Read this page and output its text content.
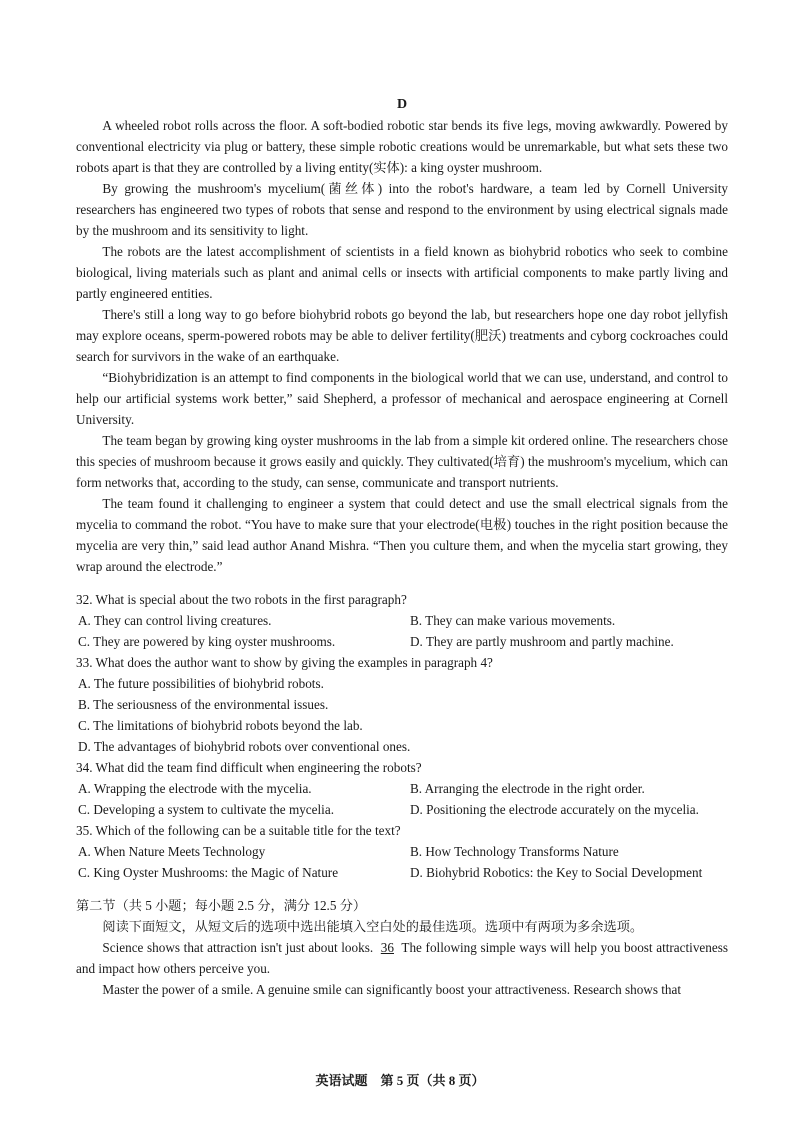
D

A wheeled robot rolls across the floor. A soft-bodied robotic star bends its five legs, moving awkwardly. Powered by conventional electricity via plug or battery, these simple robotic creations would be unremarkable, but what sets these two robots apart is that they are controlled by a living entity(实体): a king oyster mushroom.

By growing the mushroom's mycelium(菌丝体) into the robot's hardware, a team led by Cornell University researchers has engineered two types of robots that sense and respond to the environment by using electrical signals made by the mushroom and its sensitivity to light.

The robots are the latest accomplishment of scientists in a field known as biohybrid robotics who seek to combine biological, living materials such as plant and animal cells or insects with artificial components to make partly living and partly engineered entities.

There's still a long way to go before biohybrid robots go beyond the lab, but researchers hope one day robot jellyfish may explore oceans, sperm-powered robots may be able to deliver fertility(肥沃) treatments and cyborg cockroaches could search for survivors in the wake of an earthquake.

“Biohybridization is an attempt to find components in the biological world that we can use, understand, and control to help our artificial systems work better,” said Shepherd, a professor of mechanical and aerospace engineering at Cornell University.

The team began by growing king oyster mushrooms in the lab from a simple kit ordered online. The researchers chose this species of mushroom because it grows easily and quickly. They cultivated(培育) the mushroom's mycelium, which can form networks that, according to the study, can sense, communicate and transport nutrients.

The team found it challenging to engineer a system that could detect and use the small electrical signals from the mycelia to command the robot. “You have to make sure that your electrode(电极) touches in the right position because the mycelia are very thin,” said lead author Anand Mishra. “Then you culture them, and when the mycelia start growing, they wrap around the electrode.”

32. What is special about the two robots in the first paragraph?

A. They can control living creatures.	B. They can make various movements.
C. They are powered by king oyster mushrooms.	D. They are partly mushroom and partly machine.

33. What does the author want to show by giving the examples in paragraph 4?

A. The future possibilities of biohybrid robots.
B. The seriousness of the environmental issues.
C. The limitations of biohybrid robots beyond the lab.
D. The advantages of biohybrid robots over conventional ones.

34. What did the team find difficult when engineering the robots?

A. Wrapping the electrode with the mycelia.	B. Arranging the electrode in the right order.
C. Developing a system to cultivate the mycelia.	D. Positioning the electrode accurately on the mycelia.

35. Which of the following can be a suitable title for the text?

A. When Nature Meets Technology	B. How Technology Transforms Nature
C. King Oyster Mushrooms: the Magic of Nature	D. Biohybrid Robotics: the Key to Social Development

第二节（共 5 小题；每小题 2.5 分，满分 12.5 分）

阅读下面短文，从短文后的选项中选出能填入空白处的最佳选项。选项中有两项为多余选项。

Science shows that attraction isn't just about looks. 36 The following simple ways will help you boost attractiveness and impact how others perceive you.

Master the power of a smile. A genuine smile can significantly boost your attractiveness. Research shows that

英语试题　第 5 页（共 8 页）
